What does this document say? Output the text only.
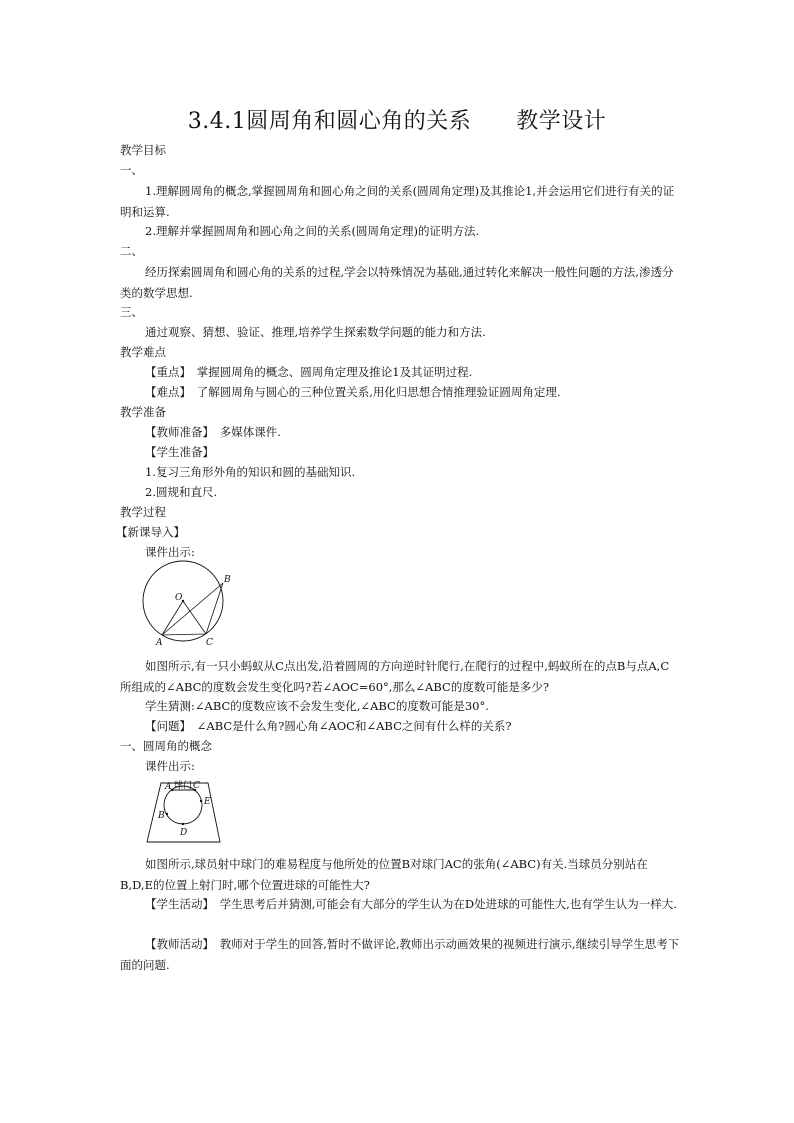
3.4.1圆周角和圆心角的关系　　教学设计
教学目标
一、
1.理解圆周角的概念,掌握圆周角和圆心角之间的关系(圆周角定理)及其推论1,并会运用它们进行有关的证明和运算.
2.理解并掌握圆周角和圆心角之间的关系(圆周角定理)的证明方法.
二、
经历探索圆周角和圆心角的关系的过程,学会以特殊情况为基础,通过转化来解决一般性问题的方法,渗透分类的数学思想.
三、
通过观察、猜想、验证、推理,培养学生探索数学问题的能力和方法.
教学难点
【重点】　掌握圆周角的概念、圆周角定理及推论1及其证明过程.
【难点】　了解圆周角与圆心的三种位置关系,用化归思想合情推理验证圆周角定理.
教学准备
【教师准备】　多媒体课件.
【学生准备】
1.复习三角形外角的知识和圆的基础知识.
2.圆规和直尺.
教学过程
【新课导入】
课件出示:
B
O
A	C
如图所示,有一只小蚂蚁从C点出发,沿着圆周的方向逆时针爬行,在爬行的过程中,蚂蚁所在的点B与点A,C所组成的∠ABC的度数会发生变化吗?若∠AOC=60°,那么∠ABC的度数可能是多少?
学生猜测:∠ABC的度数应该不会发生变化,∠ABC的度数可能是30°.
【问题】　∠ABC是什么角?圆心角∠AOC和∠ABC之间有什么样的关系?
一、圆周角的概念
课件出示:
A 球门 C
E
B
D
如图所示,球员射中球门的难易程度与他所处的位置B对球门AC的张角(∠ABC)有关.当球员分别站在B,D,E的位置上射门时,哪个位置进球的可能性大?
【学生活动】　学生思考后并猜测,可能会有大部分的学生认为在D处进球的可能性大,也有学生认为一样大.
【教师活动】　教师对于学生的回答,暂时不做评论,教师出示动画效果的视频进行演示,继续引导学生思考下面的问题.
